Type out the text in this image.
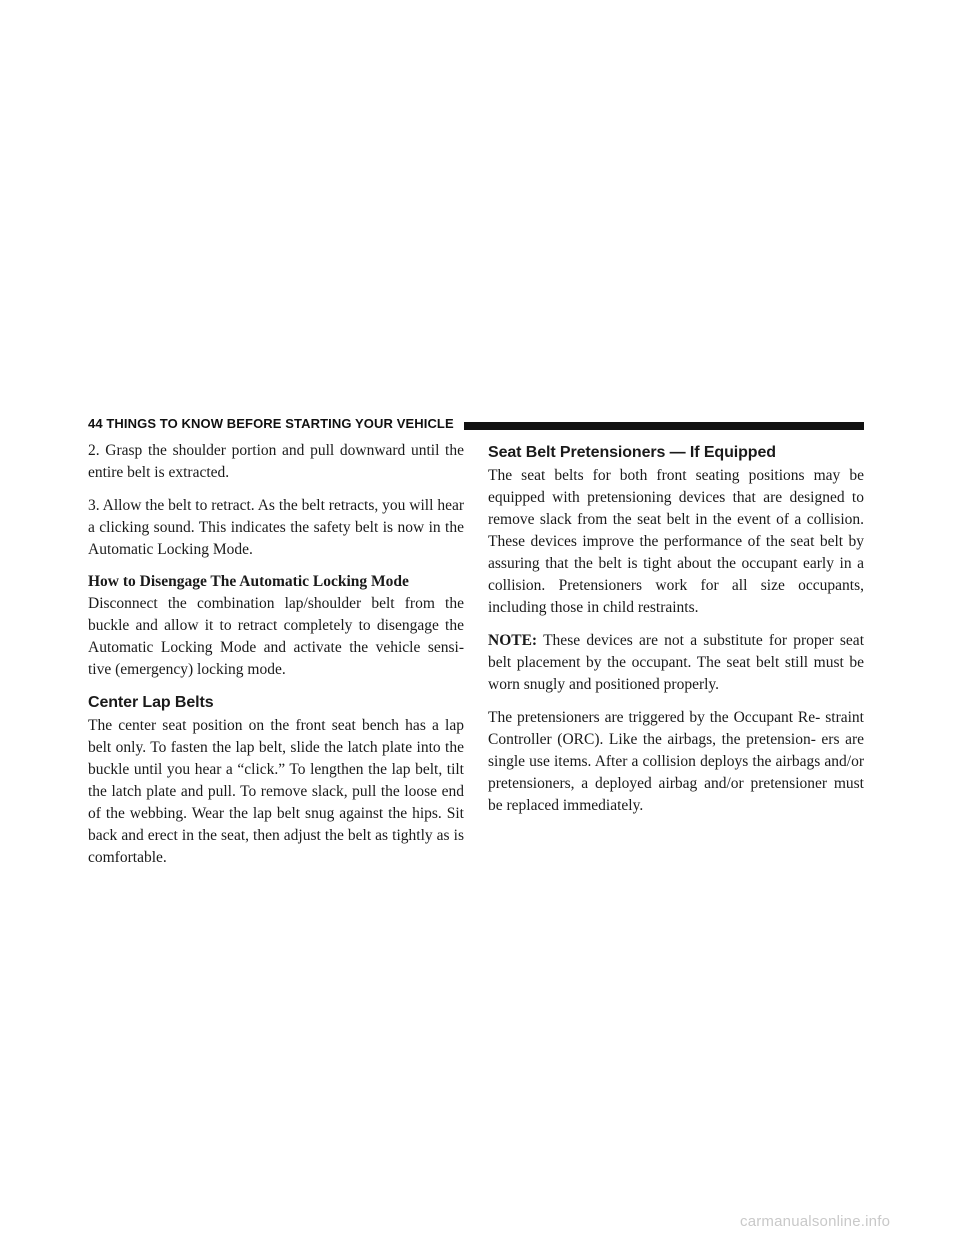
44 THINGS TO KNOW BEFORE STARTING YOUR VEHICLE

2. Grasp the shoulder portion and pull downward until the entire belt is extracted.

3. Allow the belt to retract. As the belt retracts, you will hear a clicking sound. This indicates the safety belt is now in the Automatic Locking Mode.

How to Disengage The Automatic Locking Mode

Disconnect the combination lap/shoulder belt from the buckle and allow it to retract completely to disengage the Automatic Locking Mode and activate the vehicle sensi- tive (emergency) locking mode.

Center Lap Belts

The center seat position on the front seat bench has a lap belt only. To fasten the lap belt, slide the latch plate into the buckle until you hear a “click.” To lengthen the lap belt, tilt the latch plate and pull. To remove slack, pull the loose end of the webbing. Wear the lap belt snug against the hips. Sit back and erect in the seat, then adjust the belt as tightly as is comfortable.

Seat Belt Pretensioners — If Equipped

The seat belts for both front seating positions may be equipped with pretensioning devices that are designed to remove slack from the seat belt in the event of a collision. These devices improve the performance of the seat belt by assuring that the belt is tight about the occupant early in a collision. Pretensioners work for all size occupants, including those in child restraints.

NOTE: These devices are not a substitute for proper seat belt placement by the occupant. The seat belt still must be worn snugly and positioned properly.

The pretensioners are triggered by the Occupant Re- straint Controller (ORC). Like the airbags, the pretension- ers are single use items. After a collision deploys the airbags and/or pretensioners, a deployed airbag and/or pretensioner must be replaced immediately.

carmanualsonline.info
